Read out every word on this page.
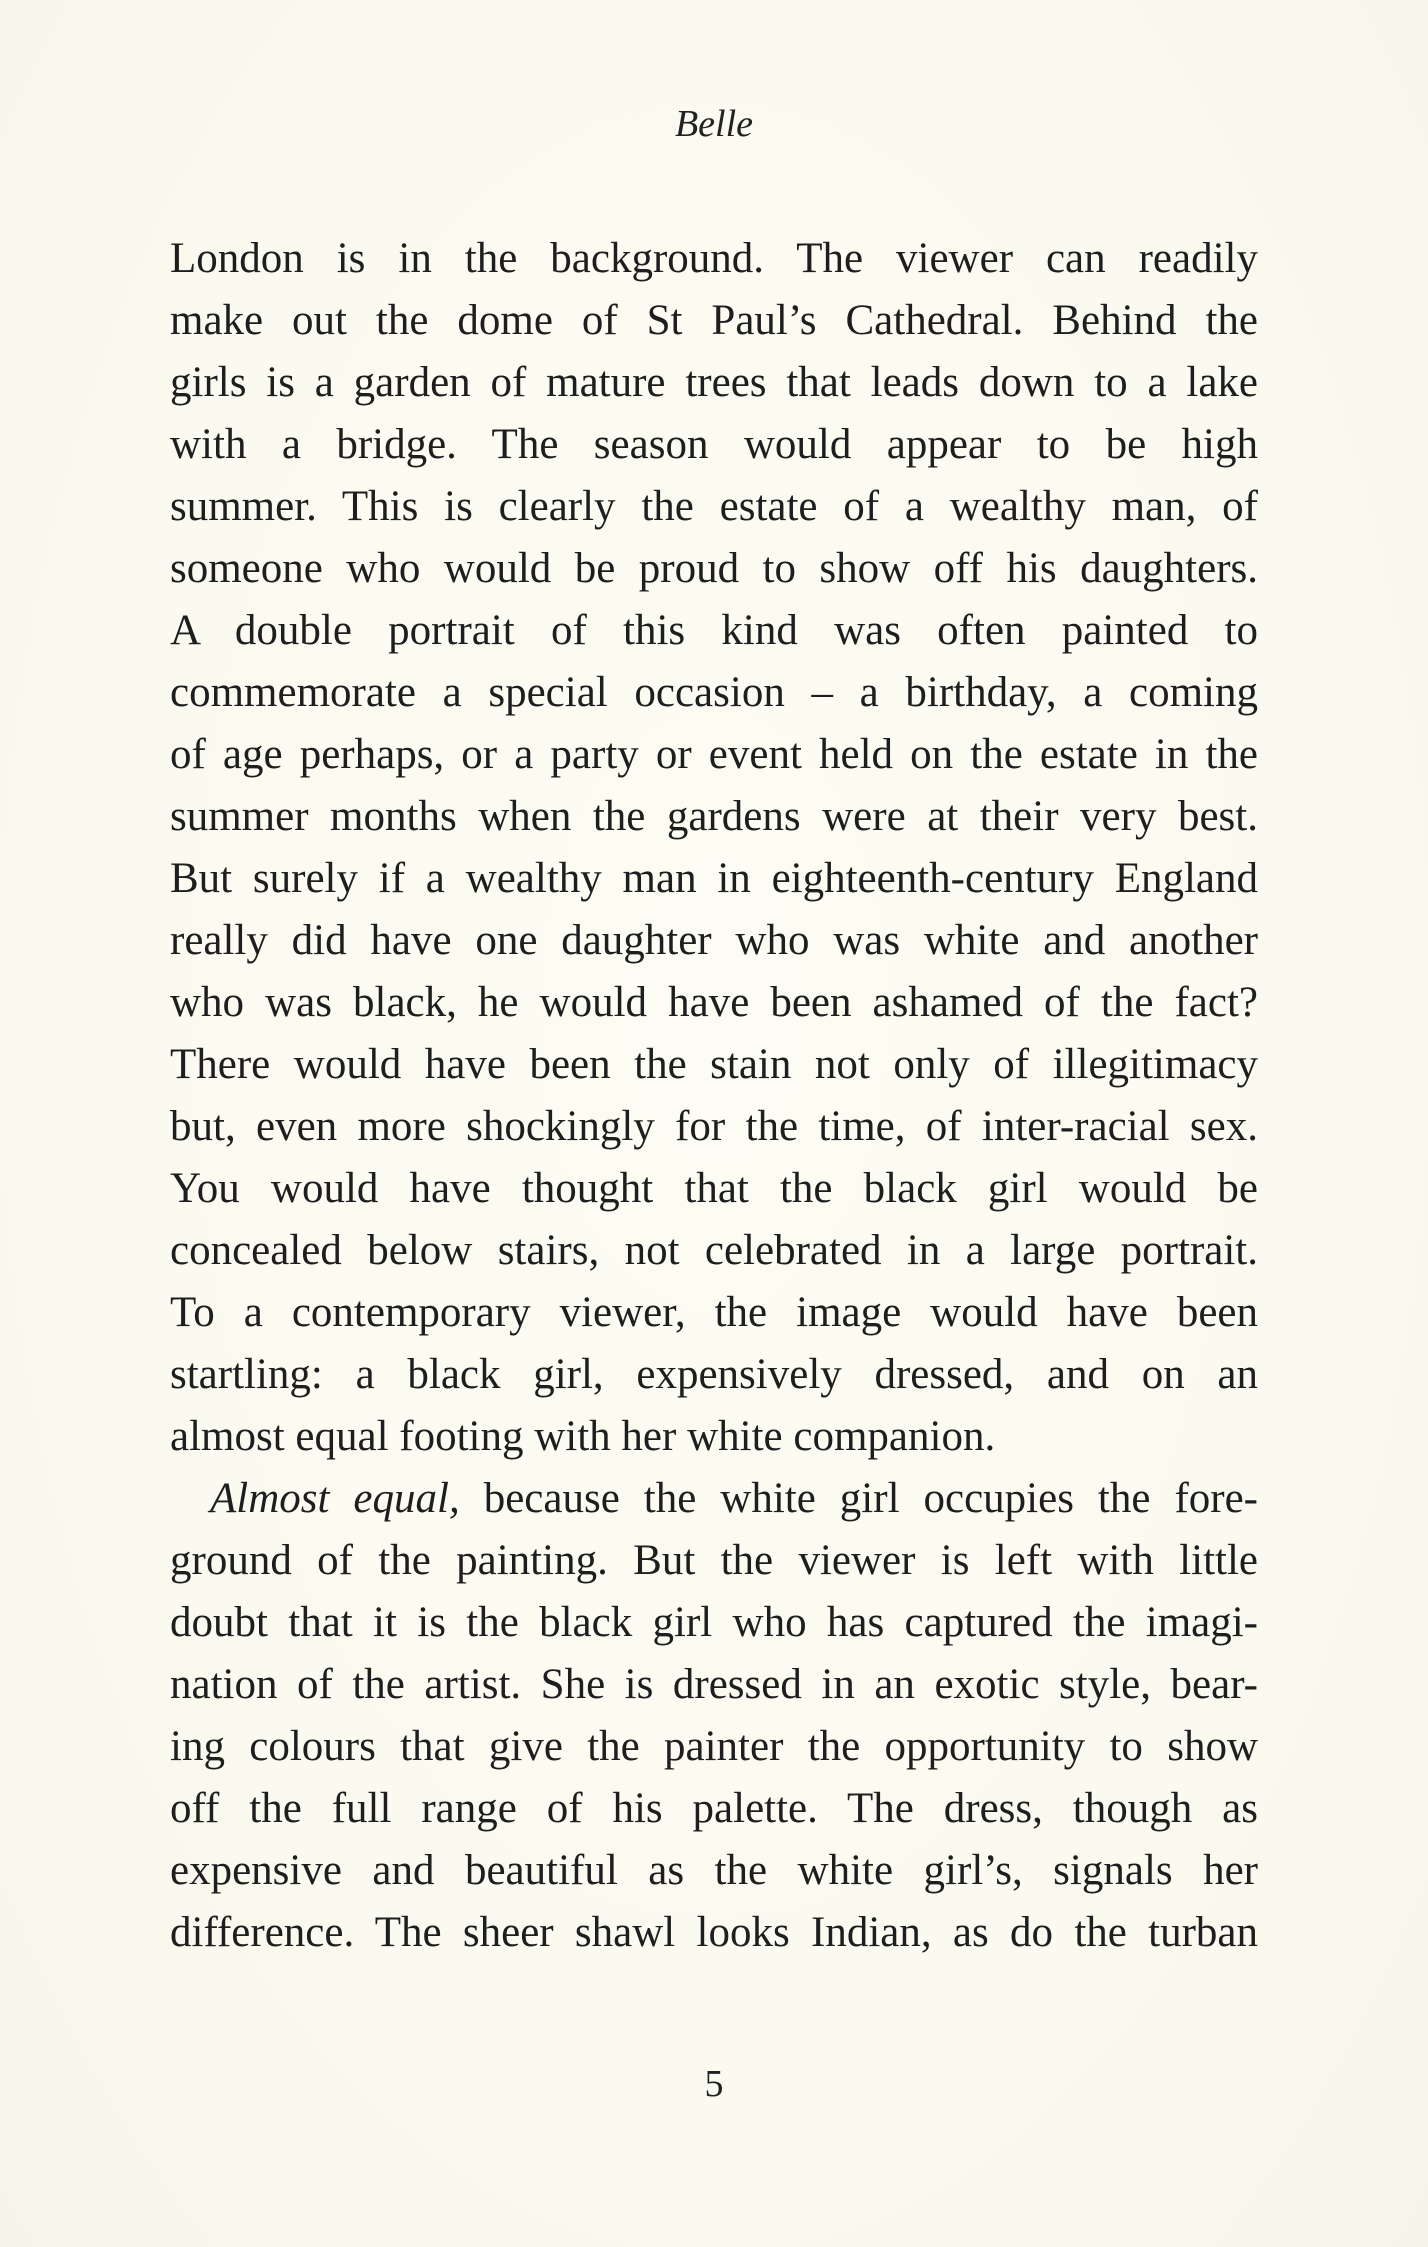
Belle
London is in the background. The viewer can readily
make out the dome of St Paul’s Cathedral. Behind the
girls is a garden of mature trees that leads down to a lake
with a bridge. The season would appear to be high
summer. This is clearly the estate of a wealthy man, of
someone who would be proud to show off his daughters.
A double portrait of this kind was often painted to
commemorate a special occasion – a birthday, a coming
of age perhaps, or a party or event held on the estate in the
summer months when the gardens were at their very best.
But surely if a wealthy man in eighteenth-century England
really did have one daughter who was white and another
who was black, he would have been ashamed of the fact?
There would have been the stain not only of illegitimacy
but, even more shockingly for the time, of inter-racial sex.
You would have thought that the black girl would be
concealed below stairs, not celebrated in a large portrait.
To a contemporary viewer, the image would have been
startling: a black girl, expensively dressed, and on an
almost equal footing with her white companion.
Almost equal, because the white girl occupies the fore-
ground of the painting. But the viewer is left with little
doubt that it is the black girl who has captured the imagi-
nation of the artist. She is dressed in an exotic style, bear-
ing colours that give the painter the opportunity to show
off the full range of his palette. The dress, though as
expensive and beautiful as the white girl’s, signals her
difference. The sheer shawl looks Indian, as do the turban
5
